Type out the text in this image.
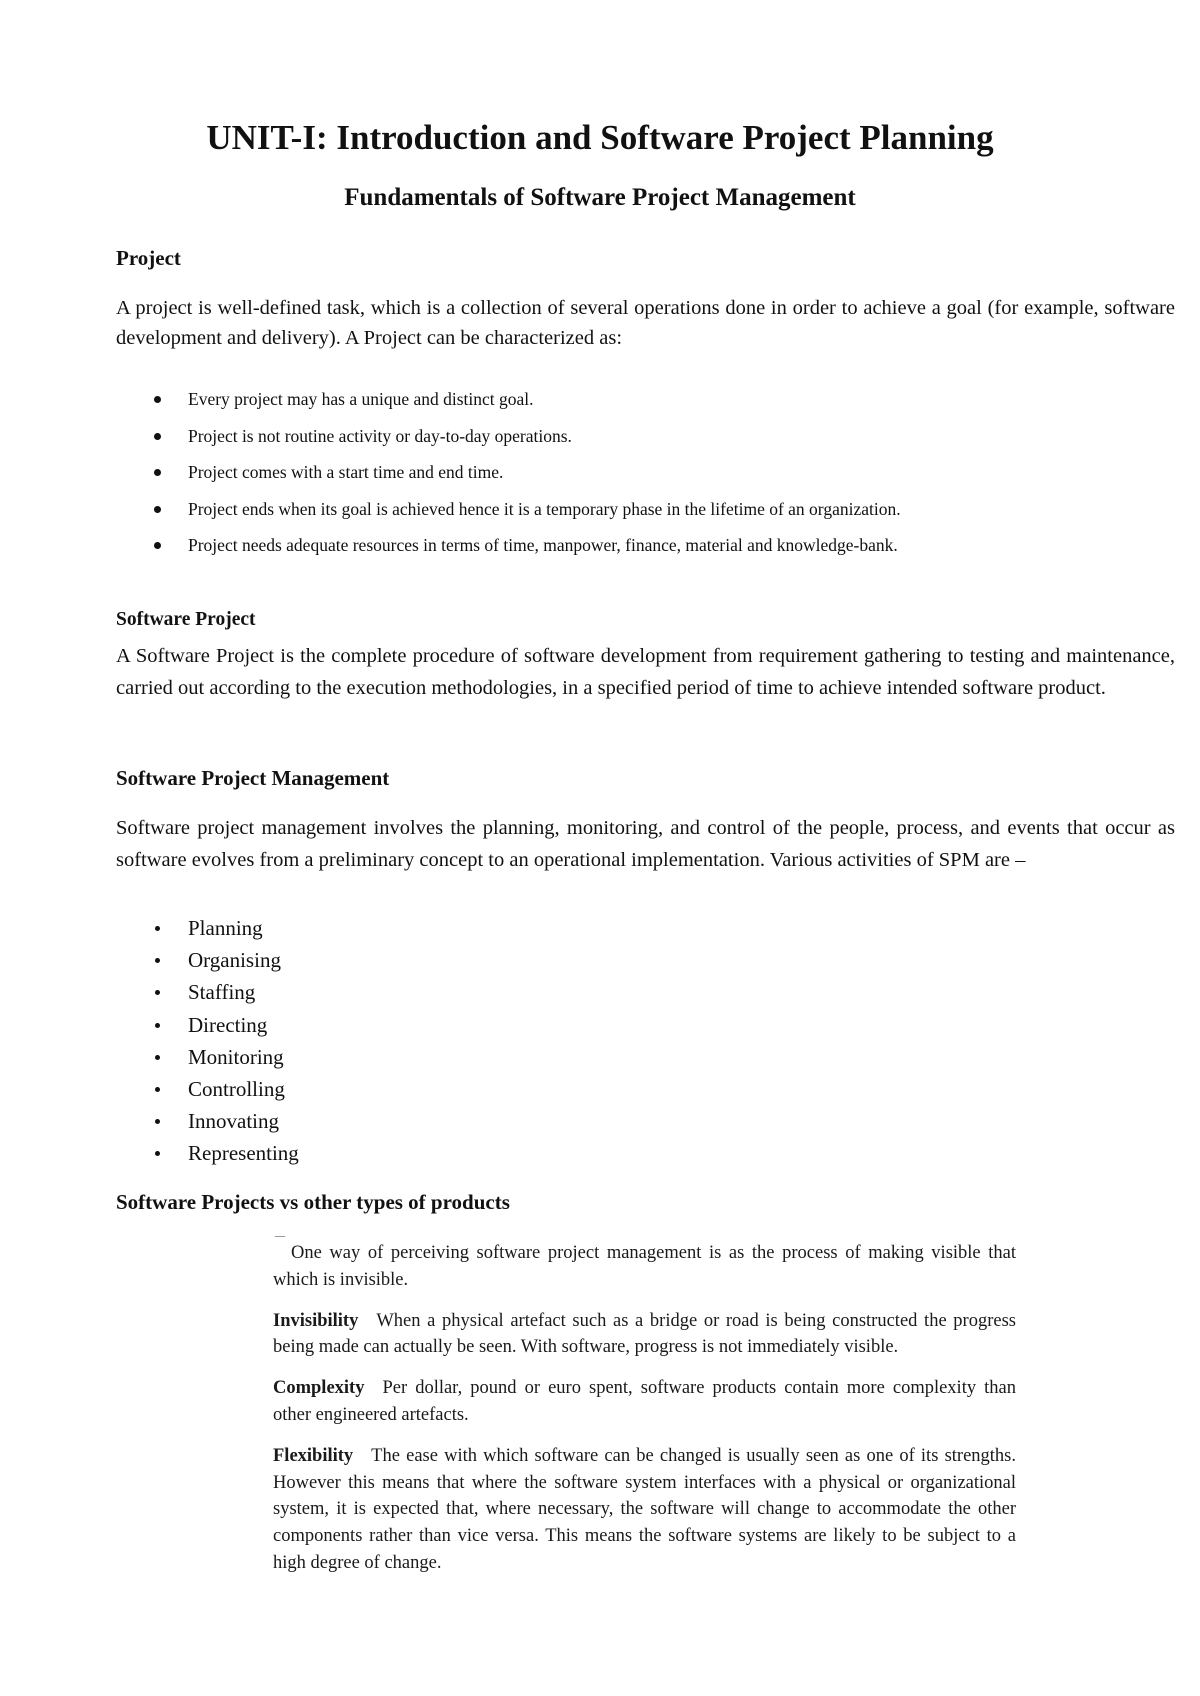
UNIT-I: Introduction and Software Project Planning
Fundamentals of Software Project Management
Project

A project is well-defined task, which is a collection of several operations done in order to achieve a goal (for example, software development and delivery). A Project can be characterized as:

Every project may has a unique and distinct goal.
Project is not routine activity or day-to-day operations.
Project comes with a start time and end time.
Project ends when its goal is achieved hence it is a temporary phase in the lifetime of an organization.
Project needs adequate resources in terms of time, manpower, finance, material and knowledge-bank.
Software Project

A Software Project is the complete procedure of software development from requirement gathering to testing and maintenance, carried out according to the execution methodologies, in a specified period of time to achieve intended software product.

Software Project Management

Software project management involves the planning, monitoring, and control of the people, process, and events that occur as software evolves from a preliminary concept to an operational implementation. Various activities of SPM are –

Planning
Organising
Staffing
Directing
Monitoring
Controlling
Innovating
Representing
Software Projects vs other types of products

One way of perceiving software project management is as the process of making visible that which is invisible.

Invisibility When a physical artefact such as a bridge or road is being constructed the progress being made can actually be seen. With software, progress is not immediately visible.

Complexity Per dollar, pound or euro spent, software products contain more complexity than other engineered artefacts.

Flexibility The ease with which software can be changed is usually seen as one of its strengths. However this means that where the software system interfaces with a physical or organizational system, it is expected that, where necessary, the software will change to accommodate the other components rather than vice versa. This means the software systems are likely to be subject to a high degree of change.
